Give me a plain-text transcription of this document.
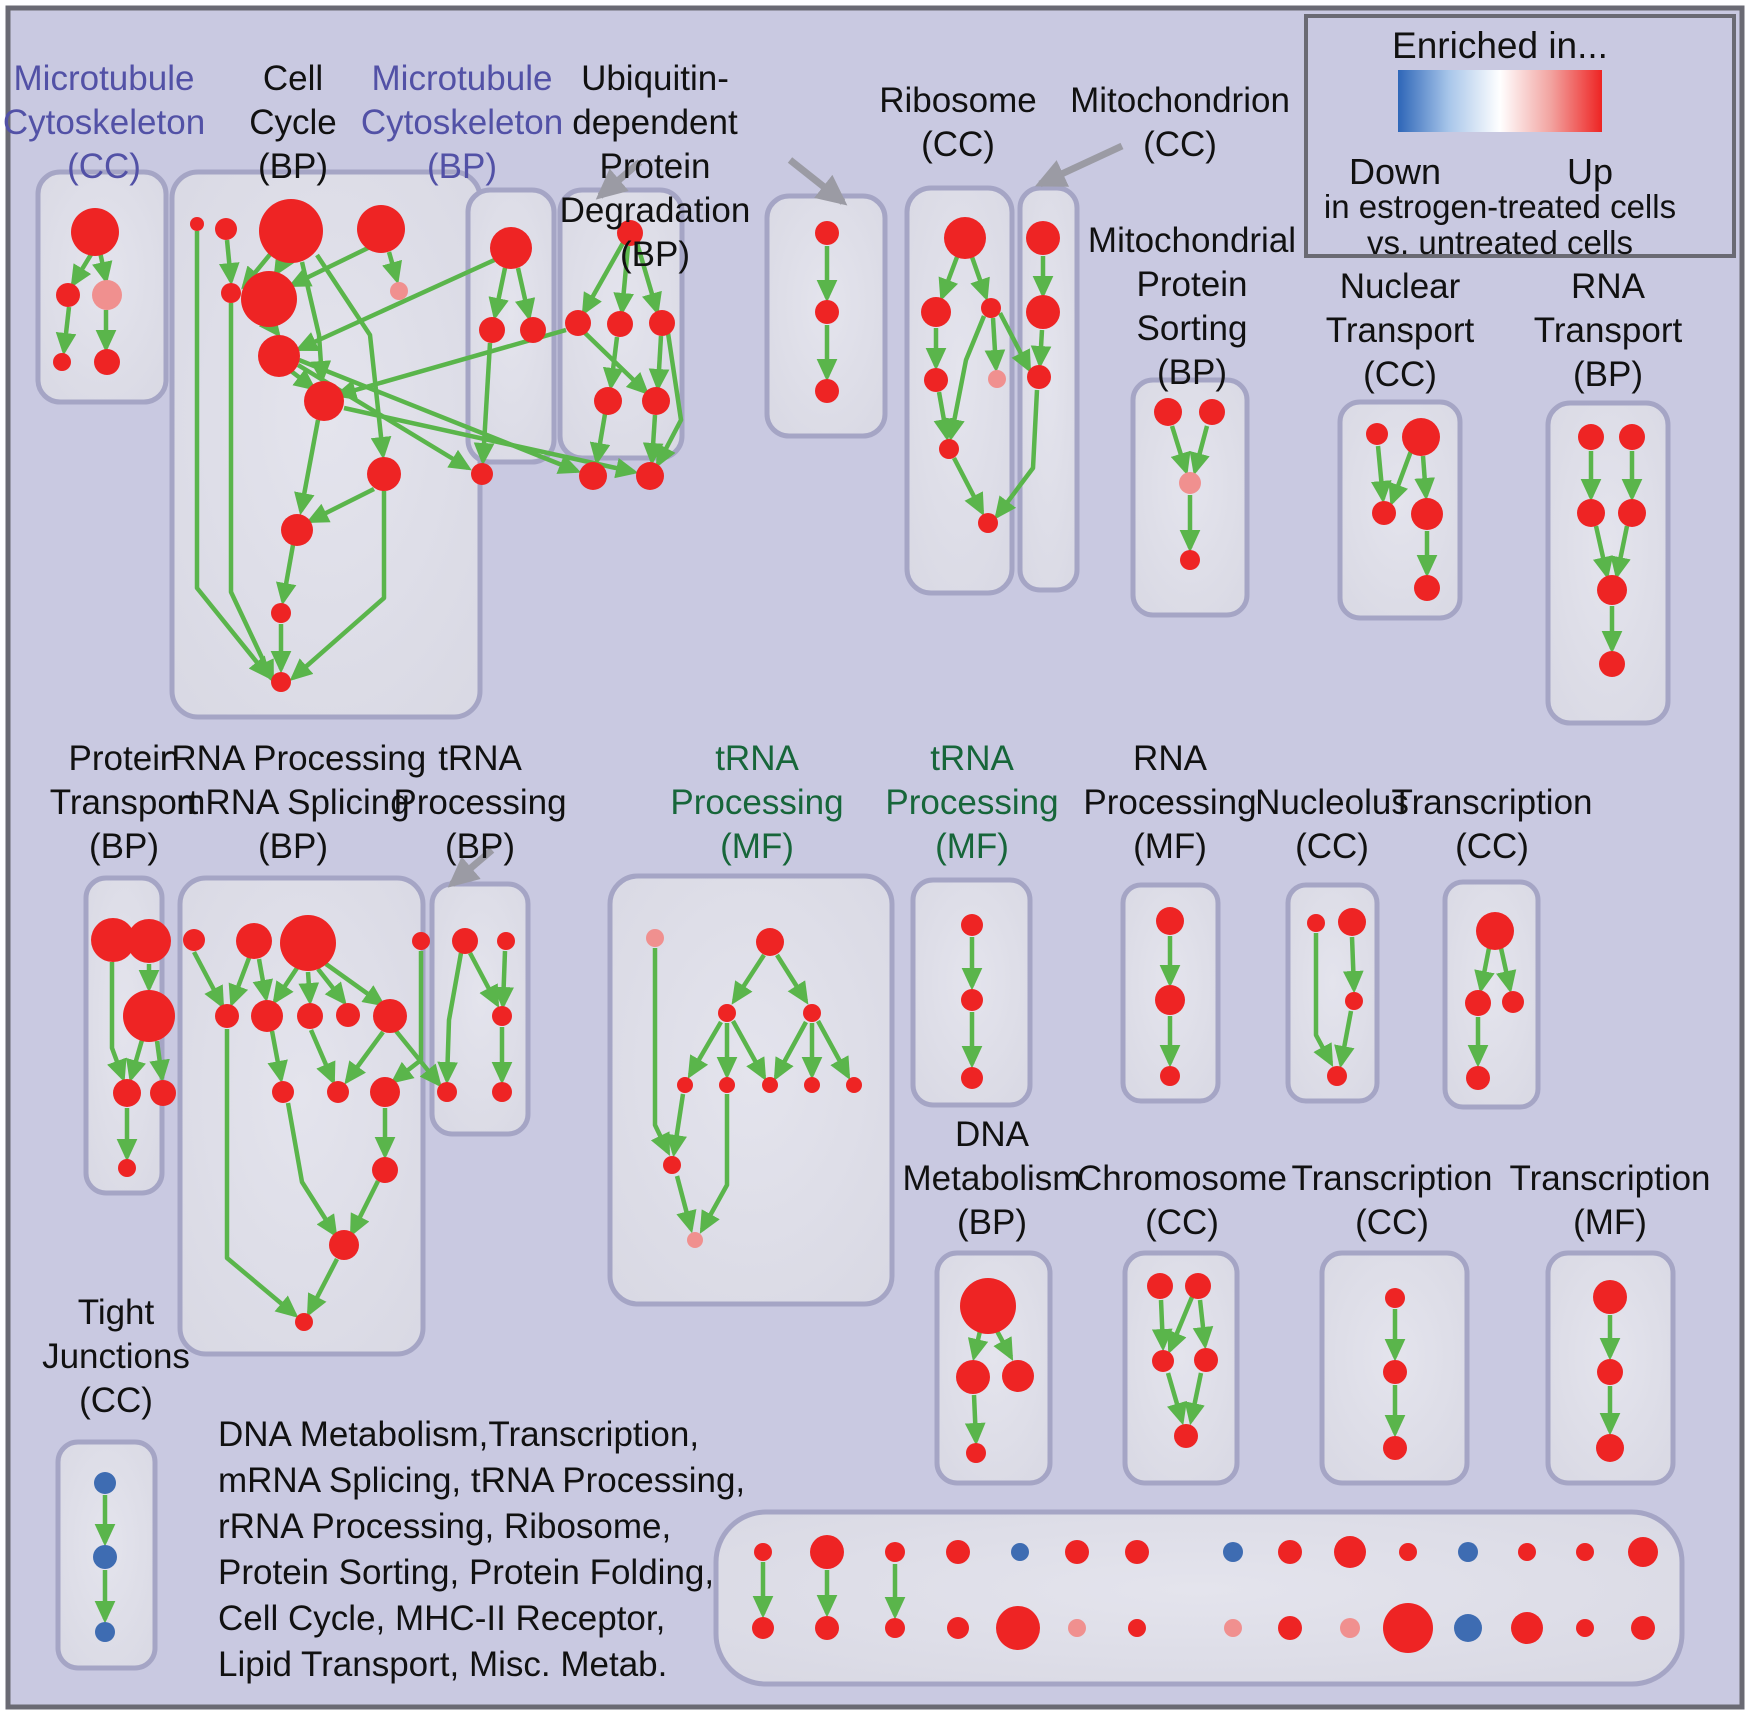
Microtubule Cytoskeleton (CC)
Cell Cycle (BP)
Microtubule Cytoskeleton (BP)
Ubiquitin-dependent Protein Degradation (BP)
Ribosome (CC)
Mitochondrion (CC)
Mitochondrial Protein Sorting (BP)
Nuclear Transport (CC)
RNA Transport (BP)
Protein Transport (BP)
rRNA Processing mRNA Splicing (BP)
tRNA Processing (BP)
tRNA Processing (MF)
tRNA Processing (MF)
RNA Processing (MF)
Nucleolus (CC)
Transcription (CC)
DNA Metabolism (BP)
Chromosome (CC)
Transcription (CC)
Transcription (MF)
Tight Junctions (CC)
Enriched in...
Down	Up
in estrogen-treated cells
vs. untreated cells
DNA Metabolism,Transcription,
mRNA Splicing, tRNA Processing,
rRNA Processing, Ribosome,
Protein Sorting, Protein Folding,
Cell Cycle, MHC-II Receptor,
Lipid Transport, Misc. Metab.
